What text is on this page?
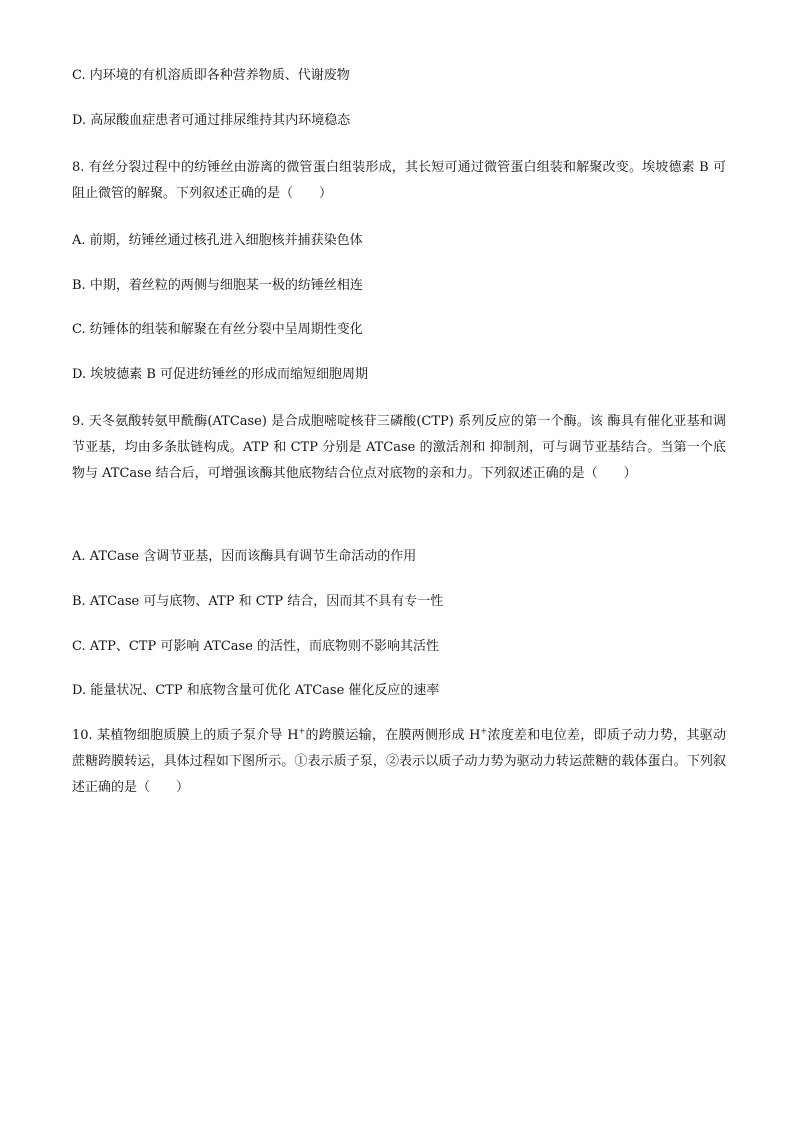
C. 内环境的有机溶质即各种营养物质、代谢废物
D. 高尿酸血症患者可通过排尿维持其内环境稳态
8. 有丝分裂过程中的纺锤丝由游离的微管蛋白组装形成，其长短可通过微管蛋白组装和解聚改变。埃坡德素 B 可阻止微管的解聚。下列叙述正确的是（　　）
A. 前期，纺锤丝通过核孔进入细胞核并捕获染色体
B. 中期，着丝粒的两侧与细胞某一极的纺锤丝相连
C. 纺锤体的组装和解聚在有丝分裂中呈周期性变化
D. 埃坡德素 B 可促进纺锤丝的形成而缩短细胞周期
9. 天冬氨酸转氨甲酰酶(ATCase) 是合成胞嘧啶核苷三磷酸(CTP) 系列反应的第一个酶。该 酶具有催化亚基和调节亚基，均由多条肽链构成。ATP 和 CTP 分别是 ATCase 的激活剂和 抑制剂，可与调节亚基结合。当第一个底物与 ATCase 结合后，可增强该酶其他底物结合位点对底物的亲和力。下列叙述正确的是（　　）
A. ATCase 含调节亚基，因而该酶具有调节生命活动的作用
B. ATCase 可与底物、ATP 和 CTP 结合，因而其不具有专一性
C. ATP、CTP 可影响 ATCase 的活性，而底物则不影响其活性
D. 能量状况、CTP 和底物含量可优化 ATCase 催化反应的速率
10. 某植物细胞质膜上的质子泵介导 H+的跨膜运输，在膜两侧形成 H+浓度差和电位差，即质子动力势，其驱动蔗糖跨膜转运，具体过程如下图所示。①表示质子泵，②表示以质子动力势为驱动力转运蔗糖的载体蛋白。下列叙述正确的是（　　）
